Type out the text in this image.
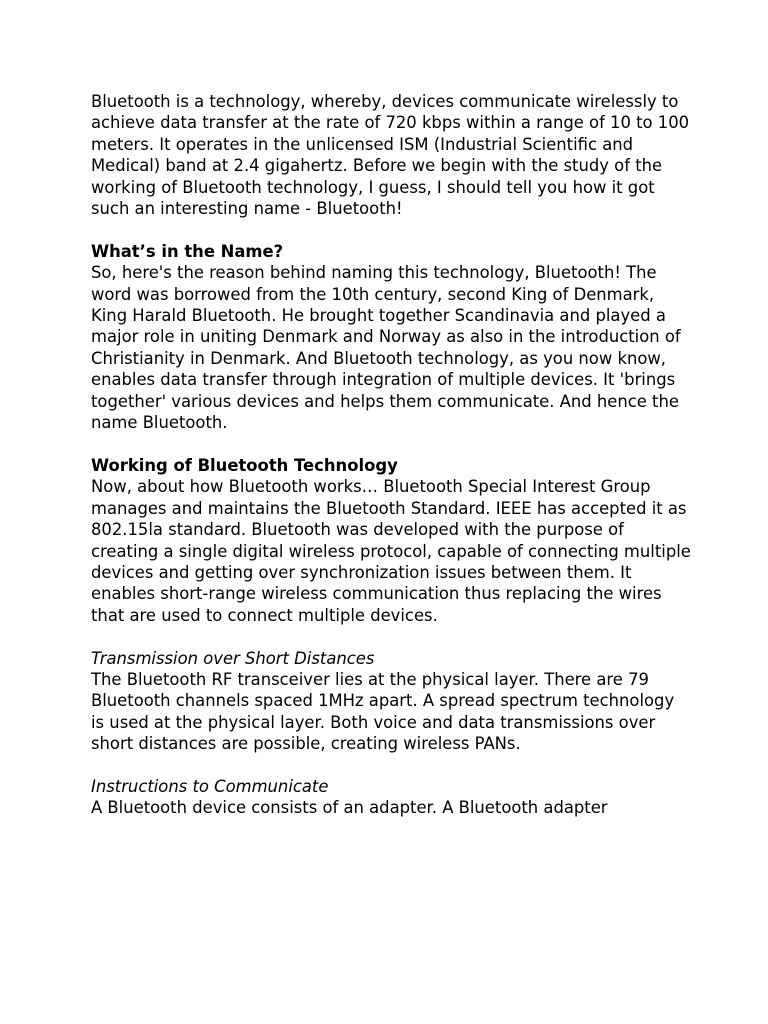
Bluetooth is a technology, whereby, devices communicate wirelessly to achieve data transfer at the rate of 720 kbps within a range of 10 to 100 meters. It operates in the unlicensed ISM (Industrial Scientific and Medical) band at 2.4 gigahertz. Before we begin with the study of the working of Bluetooth technology, I guess, I should tell you how it got such an interesting name - Bluetooth!

What’s in the Name?

So, here's the reason behind naming this technology, Bluetooth! The word was borrowed from the 10th century, second King of Denmark, King Harald Bluetooth. He brought together Scandinavia and played a major role in uniting Denmark and Norway as also in the introduction of Christianity in Denmark. And Bluetooth technology, as you now know, enables data transfer through integration of multiple devices. It 'brings together' various devices and helps them communicate. And hence the name Bluetooth.

Working of Bluetooth Technology

Now, about how Bluetooth works… Bluetooth Special Interest Group manages and maintains the Bluetooth Standard. IEEE has accepted it as 802.15la standard. Bluetooth was developed with the purpose of creating a single digital wireless protocol, capable of connecting multiple devices and getting over synchronization issues between them. It enables short-range wireless communication thus replacing the wires that are used to connect multiple devices.

Transmission over Short Distances

The Bluetooth RF transceiver lies at the physical layer. There are 79 Bluetooth channels spaced 1MHz apart. A spread spectrum technology is used at the physical layer. Both voice and data transmissions over short distances are possible, creating wireless PANs.

Instructions to Communicate

A Bluetooth device consists of an adapter. A Bluetooth adapter
